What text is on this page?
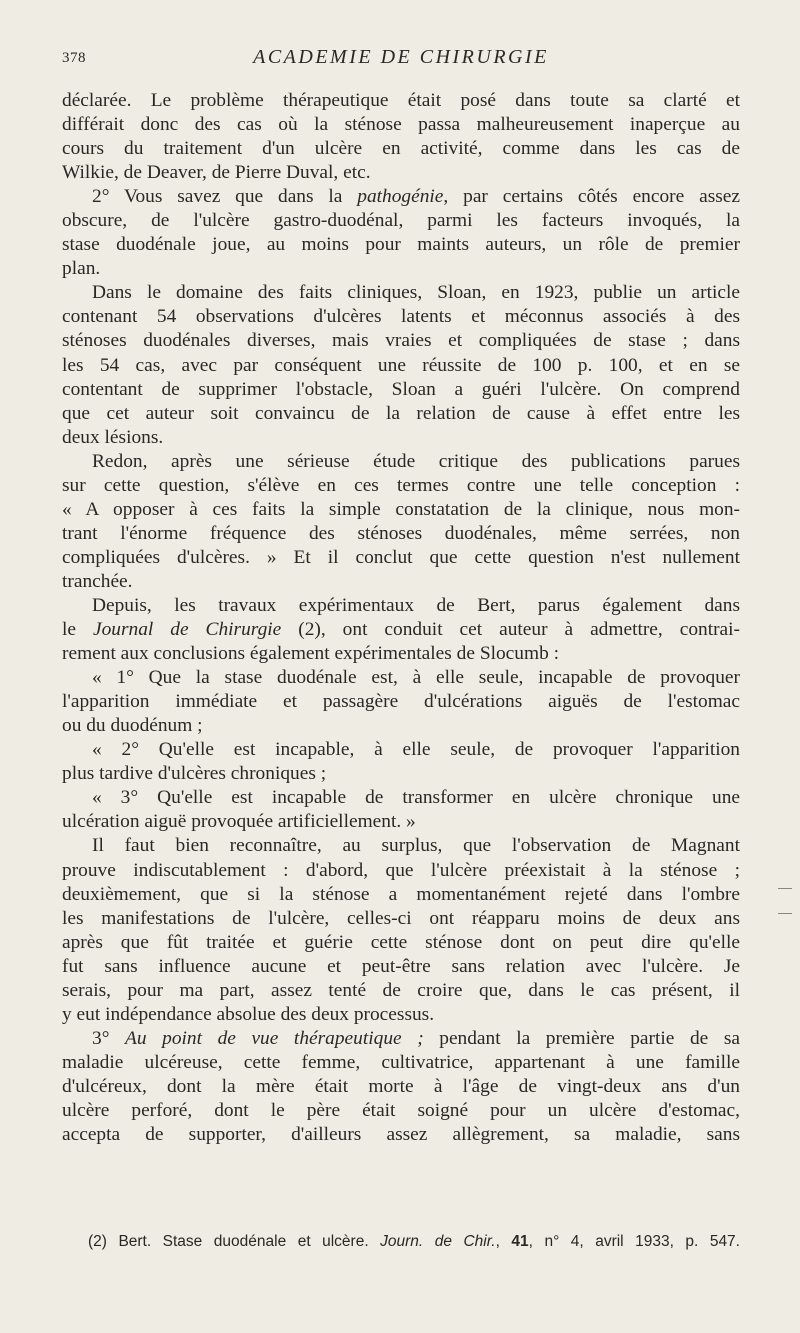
378	ACADEMIE DE CHIRURGIE
déclarée. Le problème thérapeutique était posé dans toute sa clarté et
différait donc des cas où la sténose passa malheureusement inaperçue au
cours du traitement d'un ulcère en activité, comme dans les cas de
Wilkie, de Deaver, de Pierre Duval, etc.
2° Vous savez que dans la pathogénie, par certains côtés encore assez
obscure, de l'ulcère gastro-duodénal, parmi les facteurs invoqués, la
stase duodénale joue, au moins pour maints auteurs, un rôle de premier
plan.
Dans le domaine des faits cliniques, Sloan, en 1923, publie un article
contenant 54 observations d'ulcères latents et méconnus associés à des
sténoses duodénales diverses, mais vraies et compliquées de stase ; dans
les 54 cas, avec par conséquent une réussite de 100 p. 100, et en se
contentant de supprimer l'obstacle, Sloan a guéri l'ulcère. On comprend
que cet auteur soit convaincu de la relation de cause à effet entre les
deux lésions.
Redon, après une sérieuse étude critique des publications parues
sur cette question, s'élève en ces termes contre une telle conception :
« A opposer à ces faits la simple constatation de la clinique, nous mon-
trant l'énorme fréquence des sténoses duodénales, même serrées, non
compliquées d'ulcères. » Et il conclut que cette question n'est nullement
tranchée.
Depuis, les travaux expérimentaux de Bert, parus également dans
le Journal de Chirurgie (2), ont conduit cet auteur à admettre, contrai-
rement aux conclusions également expérimentales de Slocumb :
« 1° Que la stase duodénale est, à elle seule, incapable de provoquer
l'apparition immédiate et passagère d'ulcérations aiguës de l'estomac
ou du duodénum ;
« 2° Qu'elle est incapable, à elle seule, de provoquer l'apparition
plus tardive d'ulcères chroniques ;
« 3° Qu'elle est incapable de transformer en ulcère chronique une
ulcération aiguë provoquée artificiellement. »
Il faut bien reconnaître, au surplus, que l'observation de Magnant
prouve indiscutablement : d'abord, que l'ulcère préexistait à la sténose ;
deuxièmement, que si la sténose a momentanément rejeté dans l'ombre
les manifestations de l'ulcère, celles-ci ont réapparu moins de deux ans
après que fût traitée et guérie cette sténose dont on peut dire qu'elle
fut sans influence aucune et peut-être sans relation avec l'ulcère. Je
serais, pour ma part, assez tenté de croire que, dans le cas présent, il
y eut indépendance absolue des deux processus.
3° Au point de vue thérapeutique ; pendant la première partie de sa
maladie ulcéreuse, cette femme, cultivatrice, appartenant à une famille
d'ulcéreux, dont la mère était morte à l'âge de vingt-deux ans d'un
ulcère perforé, dont le père était soigné pour un ulcère d'estomac,
accepta de supporter, d'ailleurs assez allègrement, sa maladie, sans
(2) Bert. Stase duodénale et ulcère. Journ. de Chir., 41, n° 4, avril 1933, p. 547.
